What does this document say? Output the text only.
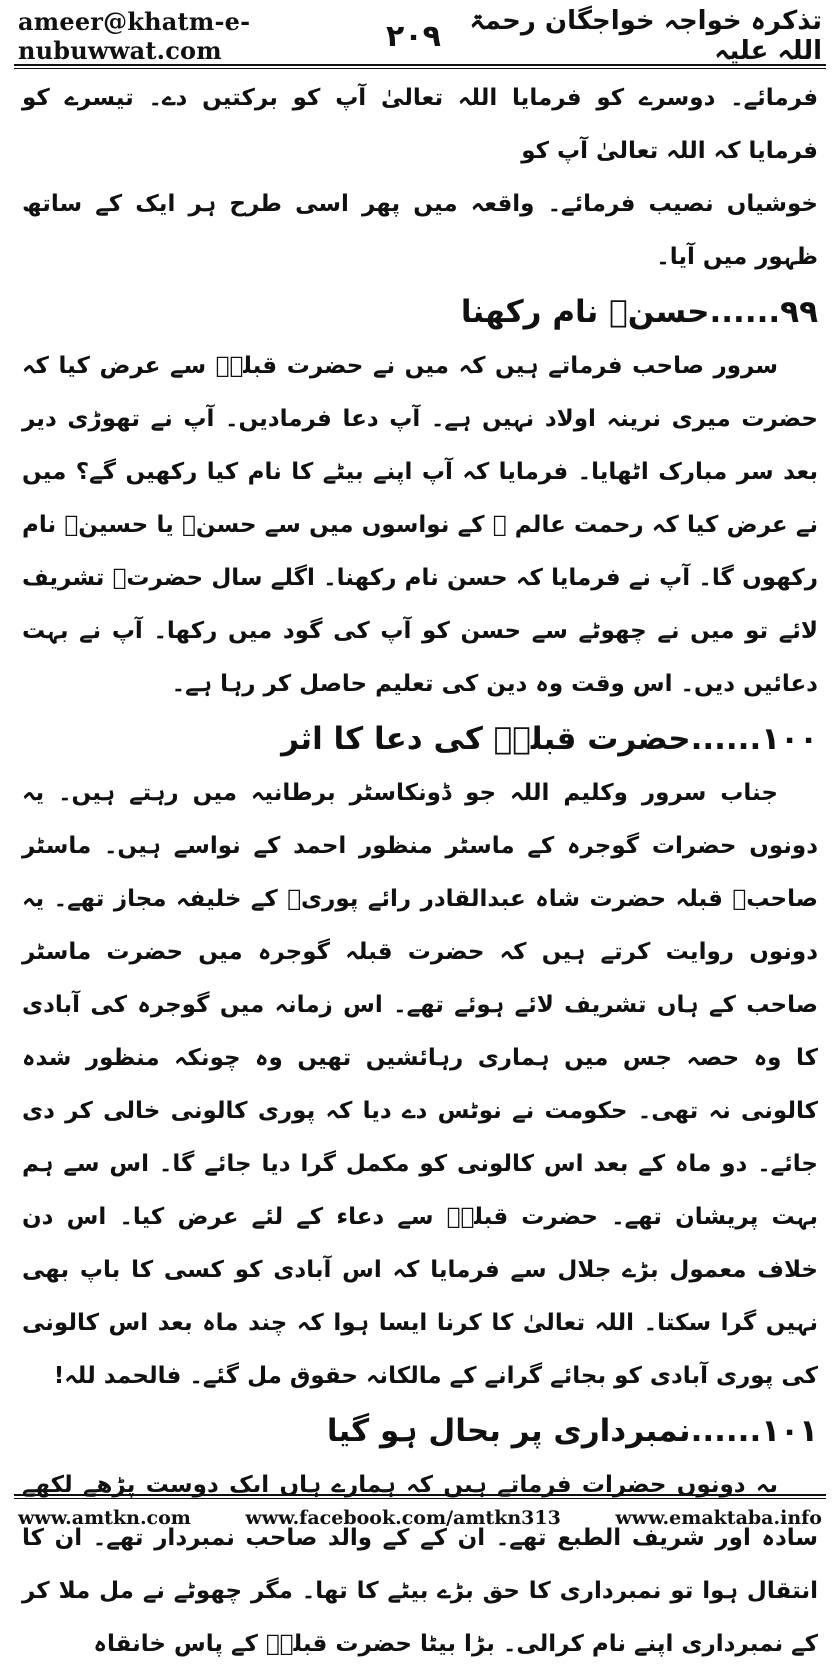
ameer@khatm-e-nubuwwat.com	۲۰۹	تذکرہ خواجہ خواجگان رحمۃ اللہ علیہ

فرمائے۔ دوسرے کو فرمایا اللہ تعالیٰ آپ کو برکتیں دے۔ تیسرے کو فرمایا کہ اللہ تعالیٰ آپ کو

خوشیاں نصیب فرمائے۔ واقعہ میں پھر اسی طرح ہر ایک کے ساتھ ظہور میں آیا۔

۹۹......حسنؓ نام رکھنا

سرور صاحب فرماتے ہیں کہ میں نے حضرت قبلہؒ سے عرض کیا کہ حضرت میری نرینہ اولاد نہیں ہے۔ آپ دعا فرمادیں۔ آپ نے تھوڑی دیر بعد سر مبارک اٹھایا۔ فرمایا کہ آپ اپنے بیٹے کا نام کیا رکھیں گے؟ میں نے عرض کیا کہ رحمت عالم ﷺ کے نواسوں میں سے حسنؓ یا حسینؓ نام رکھوں گا۔ آپ نے فرمایا کہ حسن نام رکھنا۔ اگلے سال حضرتؒ تشریف لائے تو میں نے چھوٹے سے حسن کو آپ کی گود میں رکھا۔ آپ نے بہت دعائیں دیں۔ اس وقت وہ دین کی تعلیم حاصل کر رہا ہے۔

۱۰۰......حضرت قبلہؒ کی دعا کا اثر

جناب سرور وکلیم اللہ جو ڈونکاسٹر برطانیہ میں رہتے ہیں۔ یہ دونوں حضرات گوجرہ کے ماسٹر منظور احمد کے نواسے ہیں۔ ماسٹر صاحبؒ قبلہ حضرت شاہ عبدالقادر رائے پوریؒ کے خلیفہ مجاز تھے۔ یہ دونوں روایت کرتے ہیں کہ حضرت قبلہ گوجرہ میں حضرت ماسٹر صاحب کے ہاں تشریف لائے ہوئے تھے۔ اس زمانہ میں گوجرہ کی آبادی کا وہ حصہ جس میں ہماری رہائشیں تھیں وہ چونکہ منظور شدہ کالونی نہ تھی۔ حکومت نے نوٹس دے دیا کہ پوری کالونی خالی کر دی جائے۔ دو ماہ کے بعد اس کالونی کو مکمل گرا دیا جائے گا۔ اس سے ہم بہت پریشان تھے۔ حضرت قبلہؒ سے دعاء کے لئے عرض کیا۔ اس دن خلاف معمول بڑے جلال سے فرمایا کہ اس آبادی کو کسی کا باپ بھی نہیں گرا سکتا۔ اللہ تعالیٰ کا کرنا ایسا ہوا کہ چند ماہ بعد اس کالونی کی پوری آبادی کو بجائے گرانے کے مالکانہ حقوق مل گئے۔ فالحمد للہ!

۱۰۱......نمبرداری پر بحال ہو گیا

یہ دونوں حضرات فرماتے ہیں کہ ہمارے ہاں ایک دوست پڑھے لکھے سادہ اور شریف الطبع تھے۔ ان کے کے والد صاحب نمبردار تھے۔ ان کا انتقال ہوا تو نمبرداری کا حق بڑے بیٹے کا تھا۔ مگر چھوٹے نے مل ملا کر کے نمبرداری اپنے نام کرالی۔ بڑا بیٹا حضرت قبلہؒ کے پاس خانقاہ

www.amtkn.com	www.facebook.com/amtkn313	www.emaktaba.info
